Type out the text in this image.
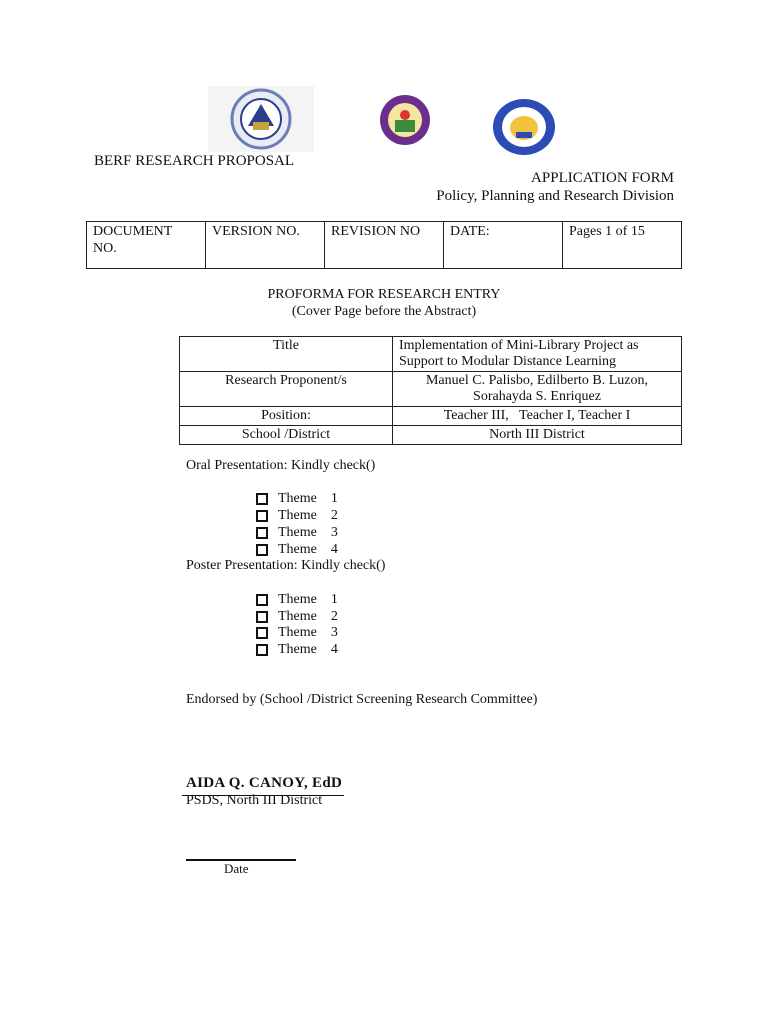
BERF RESEARCH PROPOSAL
APPLICATION FORM
Policy, Planning and Research Division
DOCUMENT NO.	VERSION NO.	REVISION NO	DATE:	Pages 1 of 15
PROFORMA FOR RESEARCH ENTRY
(Cover Page before the Abstract)
Title	Implementation of Mini-Library Project as Support to Modular Distance Learning
Research Proponent/s	Manuel C. Palisbo, Edilberto B. Luzon, Sorahayda S. Enriquez
Position:	Teacher III,   Teacher I, Teacher I
School /District	North III District
Oral Presentation: Kindly check()
Theme 1
Theme 2
Theme 3
Theme 4
Poster Presentation: Kindly check()
Theme 1
Theme 2
Theme 3
Theme 4
Endorsed by (School /District Screening Research Committee)
AIDA Q. CANOY, EdD
PSDS, North III District
Date
